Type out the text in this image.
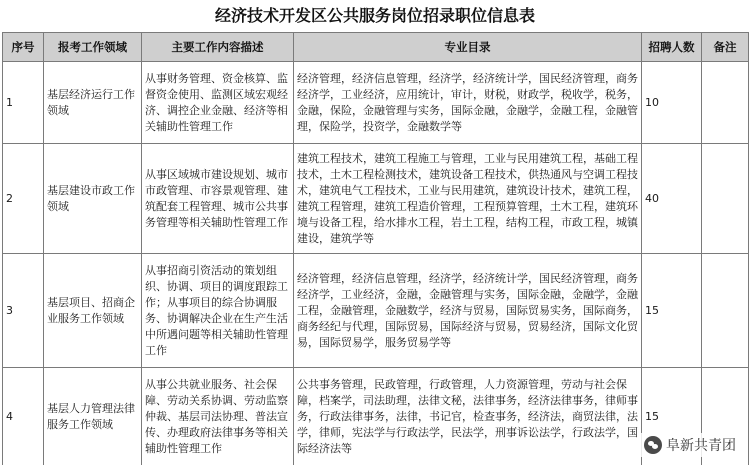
经济技术开发区公共服务岗位招录职位信息表
序号	报考工作领域	主要工作内容描述	专业目录	招聘人数	备注
1	基层经济运行工作领域	从事财务管理、资金核算、监督资金使用、监测区域宏观经济、调控企业金融、经济等相关辅助性管理工作	经济管理，经济信息管理，经济学，经济统计学，国民经济管理，商务经济学，工业经济，应用统计，审计，财税，财政学，税收学，税务，金融，保险，金融管理与实务，国际金融，金融学，金融工程，金融管理，保险学，投资学，金融数学等	10	
2	基层建设市政工作领域	从事区域城市建设规划、城市市政管理、市容景观管理、建筑配套工程管理、城市公共事务管理等相关辅助性管理工作	建筑工程技术，建筑工程施工与管理，工业与民用建筑工程，基础工程技术，土木工程检测技术，建筑设备工程技术，供热通风与空调工程技术，建筑电气工程技术，工业与民用建筑，建筑设计技术，建筑工程，建筑工程管理，建筑工程造价管理，工程预算管理，土木工程，建筑环境与设备工程，给水排水工程，岩土工程，结构工程，市政工程，城镇建设，建筑学等	40	
3	基层项目、招商企业服务工作领域	从事招商引资活动的策划组织、协调、项目的调度跟踪工作；从事项目的综合协调服务、协调解决企业在生产生活中所遇问题等相关辅助性管理工作	经济管理，经济信息管理，经济学，经济统计学，国民经济管理，商务经济学，工业经济，金融，金融管理与实务，国际金融，金融学，金融工程，金融管理，金融数学，经济与贸易，国际贸易实务，国际商务，商务经纪与代理，国际贸易，国际经济与贸易，贸易经济，国际文化贸易，国际贸易学，服务贸易学等	15	
4	基层人力管理法律服务工作领域	从事公共就业服务、社会保障、劳动关系协调、劳动监察仲裁、基层司法协理、普法宣传、办理政府法律事务等相关辅助性管理工作	公共事务管理，民政管理，行政管理，人力资源管理，劳动与社会保障，档案学，司法助理，法律文秘，法律事务，经济法律事务，律师事务，行政法律事务，法律，书记官，检查事务，经济法，商贸法律，法学，律师，宪法学与行政法学，民法学，刑事诉讼法学，行政法学，国际经济法等	15	
阜新共青团
